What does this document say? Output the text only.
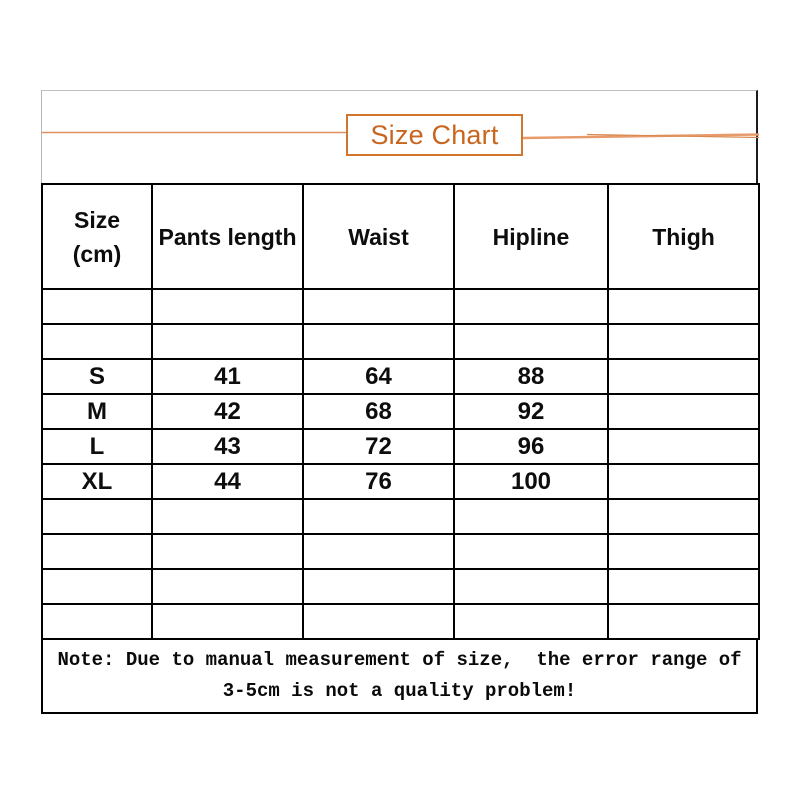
Size Chart
Size
(cm)	Pants length	Waist	Hipline	Thigh

S	41	64	88	
M	42	68	92	
L	43	72	96	
XL	44	76	100	

Note: Due to manual measurement of size,  the error range of
3-5cm is not a quality problem!
